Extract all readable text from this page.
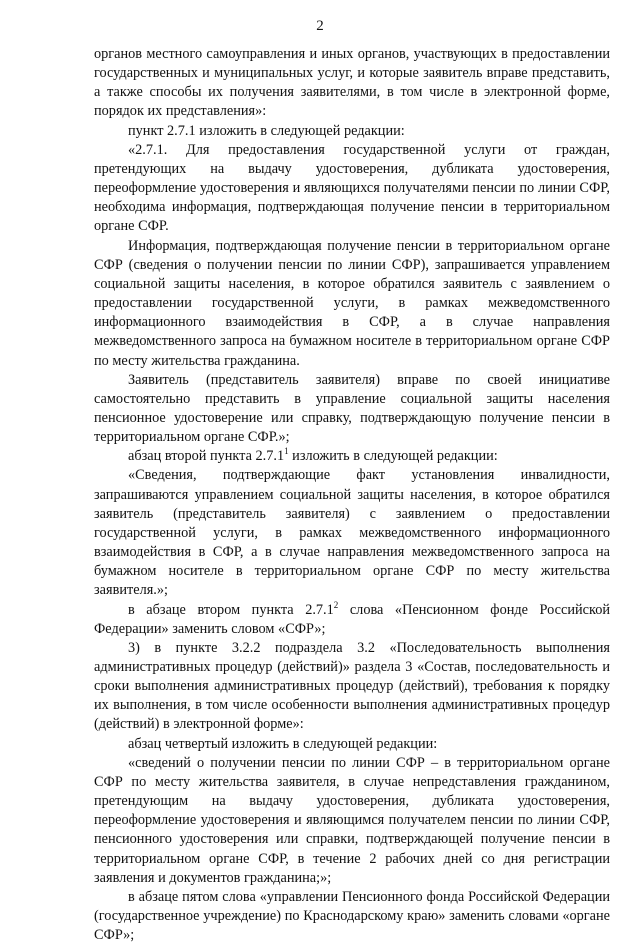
2

органов местного самоуправления и иных органов, участвующих в предоставлении государственных и муниципальных услуг, и которые заявитель вправе представить, а также способы их получения заявителями, в том числе в электронной форме, порядок их представления»:

пункт 2.7.1 изложить в следующей редакции:

«2.7.1. Для предоставления государственной услуги от граждан, претендующих на выдачу удостоверения, дубликата удостоверения, переоформление удостоверения и являющихся получателями пенсии по линии СФР, необходима информация, подтверждающая получение пенсии в территориальном органе СФР.

Информация, подтверждающая получение пенсии в территориальном органе СФР (сведения о получении пенсии по линии СФР), запрашивается управлением социальной защиты населения, в которое обратился заявитель с заявлением о предоставлении государственной услуги, в рамках межведомственного информационного взаимодействия в СФР, а в случае направления межведомственного запроса на бумажном носителе в территориальном органе СФР по месту жительства гражданина.

Заявитель (представитель заявителя) вправе по своей инициативе самостоятельно представить в управление социальной защиты населения пенсионное удостоверение или справку, подтверждающую получение пенсии в территориальном органе СФР.»;

абзац второй пункта 2.7.1$^1$ изложить в следующей редакции:

«Сведения, подтверждающие факт установления инвалидности, запрашиваются управлением социальной защиты населения, в которое обратился заявитель (представитель заявителя) с заявлением о предоставлении государственной услуги, в рамках межведомственного информационного взаимодействия в СФР, а в случае направления межведомственного запроса на бумажном носителе в территориальном органе СФР по месту жительства заявителя.»;

в абзаце втором пункта 2.7.1$^2$ слова «Пенсионном фонде Российской Федерации» заменить словом «СФР»;

3) в пункте 3.2.2 подраздела 3.2 «Последовательность выполнения административных процедур (действий)» раздела 3 «Состав, последовательность и сроки выполнения административных процедур (действий), требования к порядку их выполнения, в том числе особенности выполнения административных процедур (действий) в электронной форме»:

абзац четвертый изложить в следующей редакции:

«сведений о получении пенсии по линии СФР – в территориальном органе СФР по месту жительства заявителя, в случае непредставления гражданином, претендующим на выдачу удостоверения, дубликата удостоверения, переоформление удостоверения и являющимся получателем пенсии по линии СФР, пенсионного удостоверения или справки, подтверждающей получение пенсии в территориальном органе СФР, в течение 2 рабочих дней со дня регистрации заявления и документов гражданина;»;

в абзаце пятом слова «управлении Пенсионного фонда Российской Федерации (государственное учреждение) по Краснодарскому краю» заменить словами «органе СФР»;
